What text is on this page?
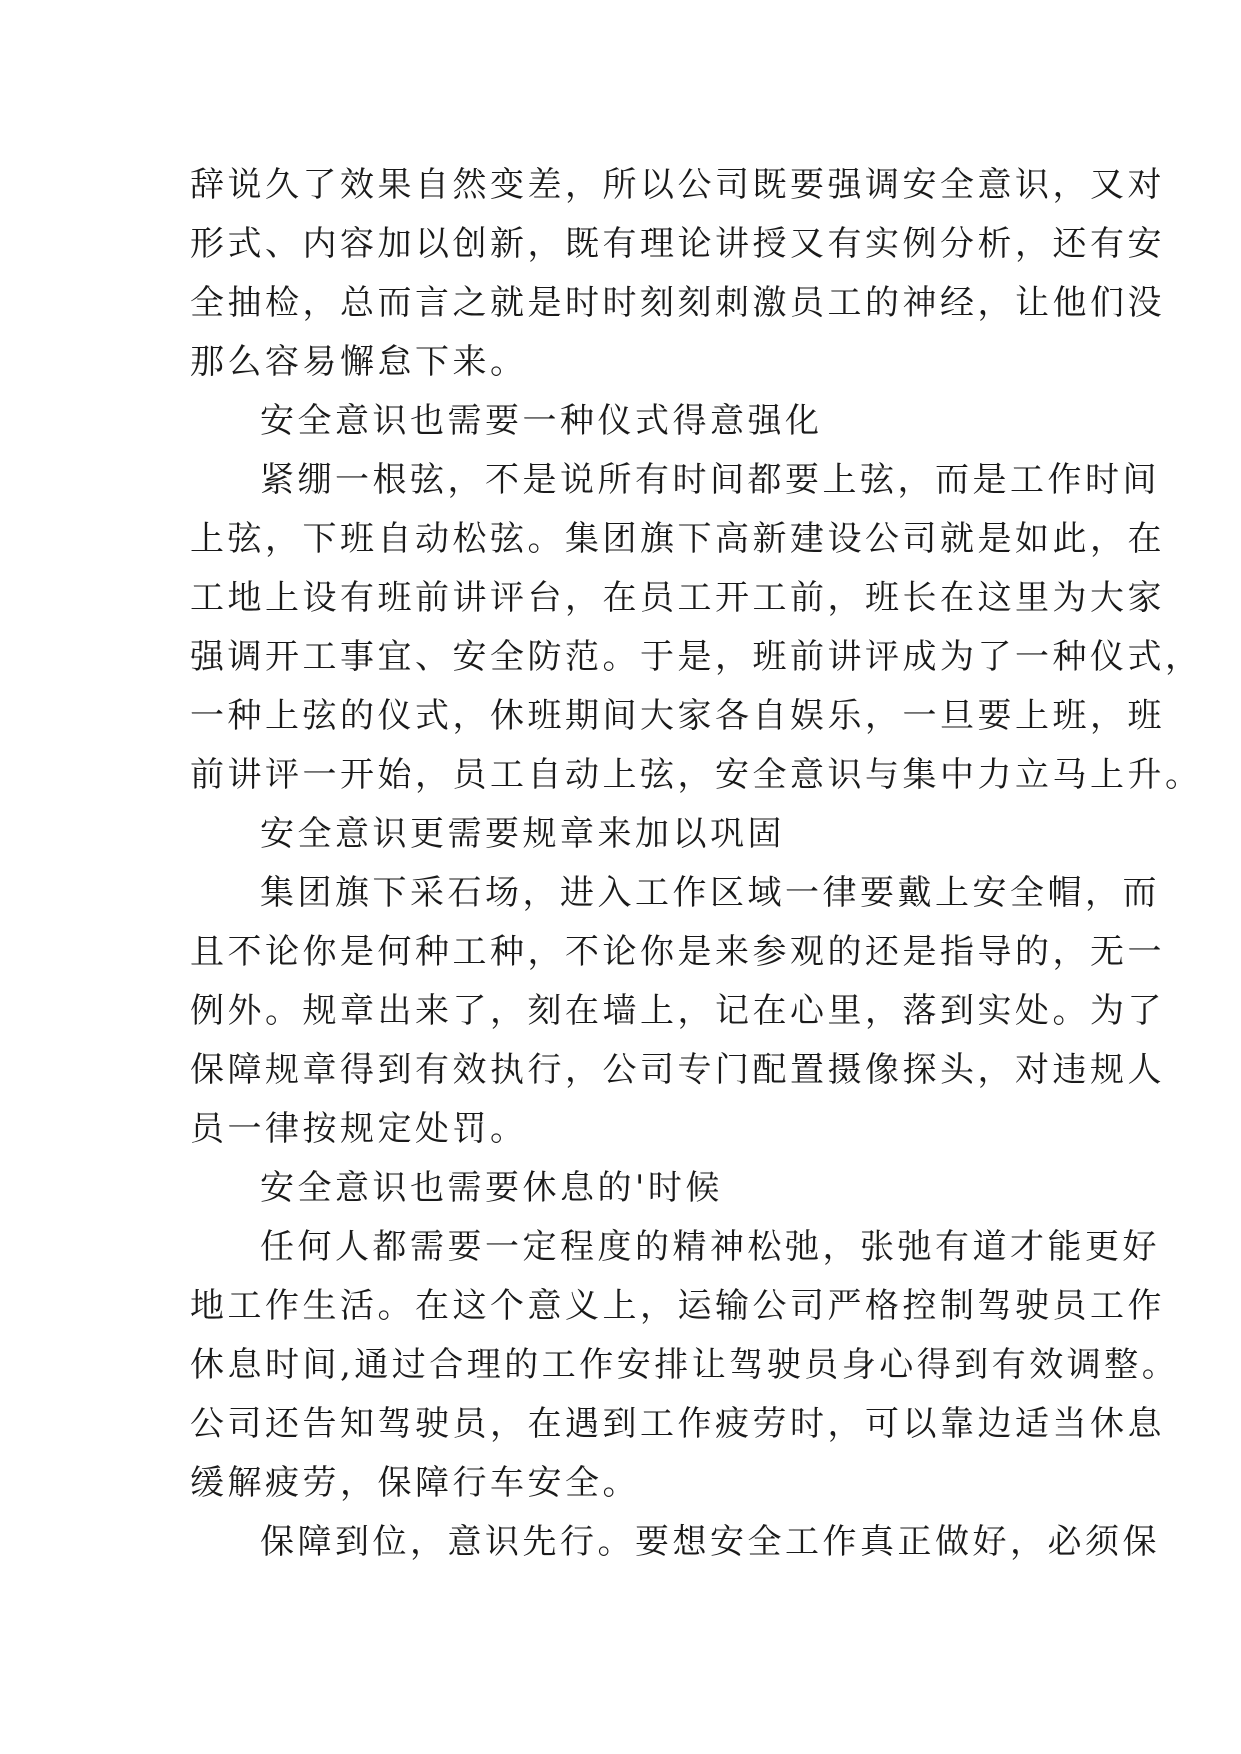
辞说久了效果自然变差，所以公司既要强调安全意识，又对
形式、内容加以创新，既有理论讲授又有实例分析，还有安
全抽检，总而言之就是时时刻刻刺激员工的神经，让他们没
那么容易懈怠下来。
安全意识也需要一种仪式得意强化
紧绷一根弦，不是说所有时间都要上弦，而是工作时间
上弦，下班自动松弦。集团旗下高新建设公司就是如此，在
工地上设有班前讲评台，在员工开工前，班长在这里为大家
强调开工事宜、安全防范。于是，班前讲评成为了一种仪式，
一种上弦的仪式，休班期间大家各自娱乐，一旦要上班，班
前讲评一开始，员工自动上弦，安全意识与集中力立马上升。
安全意识更需要规章来加以巩固
集团旗下采石场，进入工作区域一律要戴上安全帽，而
且不论你是何种工种，不论你是来参观的还是指导的，无一
例外。规章出来了，刻在墙上，记在心里，落到实处。为了
保障规章得到有效执行，公司专门配置摄像探头，对违规人
员一律按规定处罚。
安全意识也需要休息的'时候
任何人都需要一定程度的精神松弛，张弛有道才能更好
地工作生活。在这个意义上，运输公司严格控制驾驶员工作
休息时间,通过合理的工作安排让驾驶员身心得到有效调整。
公司还告知驾驶员，在遇到工作疲劳时，可以靠边适当休息
缓解疲劳，保障行车安全。
保障到位，意识先行。要想安全工作真正做好，必须保
